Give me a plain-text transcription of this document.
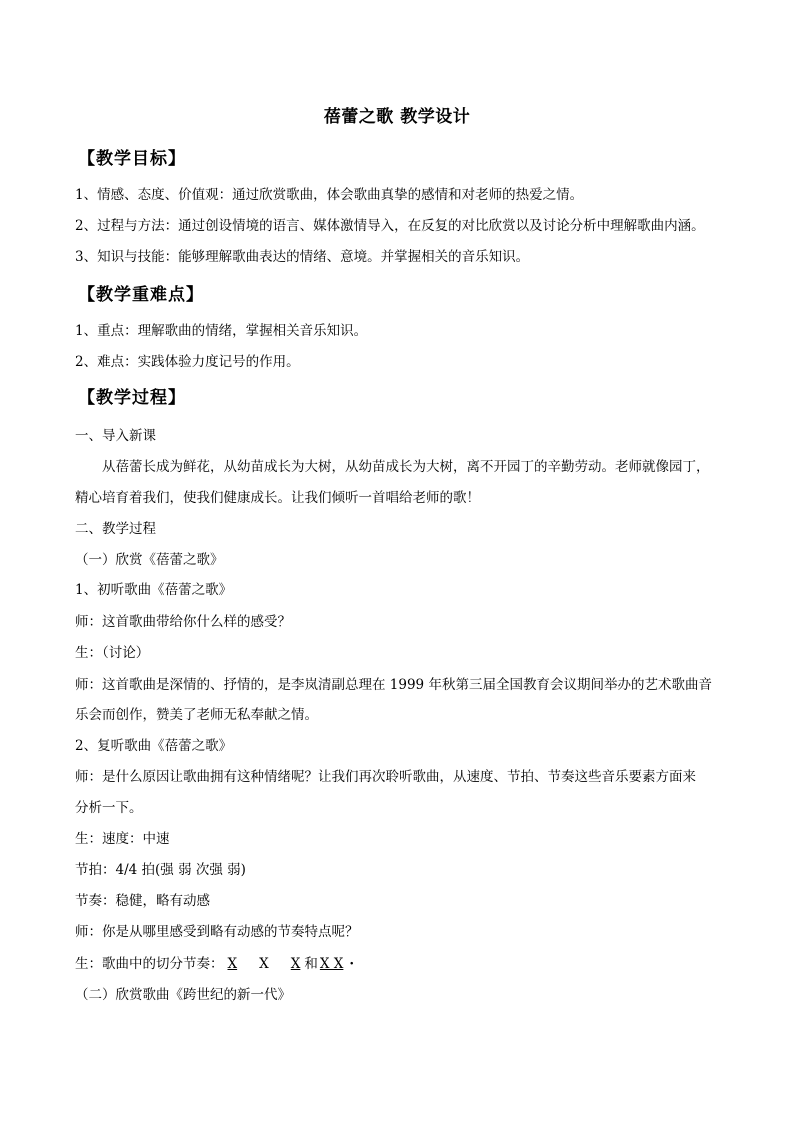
蓓蕾之歌 教学设计
【教学目标】
1、情感、态度、价值观：通过欣赏歌曲，体会歌曲真挚的感情和对老师的热爱之情。
2、过程与方法：通过创设情境的语言、媒体激情导入，在反复的对比欣赏以及讨论分析中理解歌曲内涵。
3、知识与技能：能够理解歌曲表达的情绪、意境。并掌握相关的音乐知识。
【教学重难点】
1、重点：理解歌曲的情绪，掌握相关音乐知识。
2、难点：实践体验力度记号的作用。
【教学过程】
一、导入新课
从蓓蕾长成为鲜花，从幼苗成长为大树，从幼苗成长为大树，离不开园丁的辛勤劳动。老师就像园丁，
精心培育着我们，使我们健康成长。让我们倾听一首唱给老师的歌！
二、教学过程
（一）欣赏《蓓蕾之歌》
1、初听歌曲《蓓蕾之歌》
师：这首歌曲带给你什么样的感受？
生：（讨论）
师：这首歌曲是深情的、抒情的，是李岚清副总理在 1999 年秋第三届全国教育会议期间举办的艺术歌曲音
乐会而创作，赞美了老师无私奉献之情。
2、复听歌曲《蓓蕾之歌》
师：是什么原因让歌曲拥有这种情绪呢？让我们再次聆听歌曲，从速度、节拍、节奏这些音乐要素方面来
分析一下。
生：速度：中速
节拍：4/4 拍(强 弱 次强 弱)
节奏：稳健，略有动感
师：你是从哪里感受到略有动感的节奏特点呢？
生：歌曲中的切分节奏： X X X 和 X X ·
（二）欣赏歌曲《跨世纪的新一代》
